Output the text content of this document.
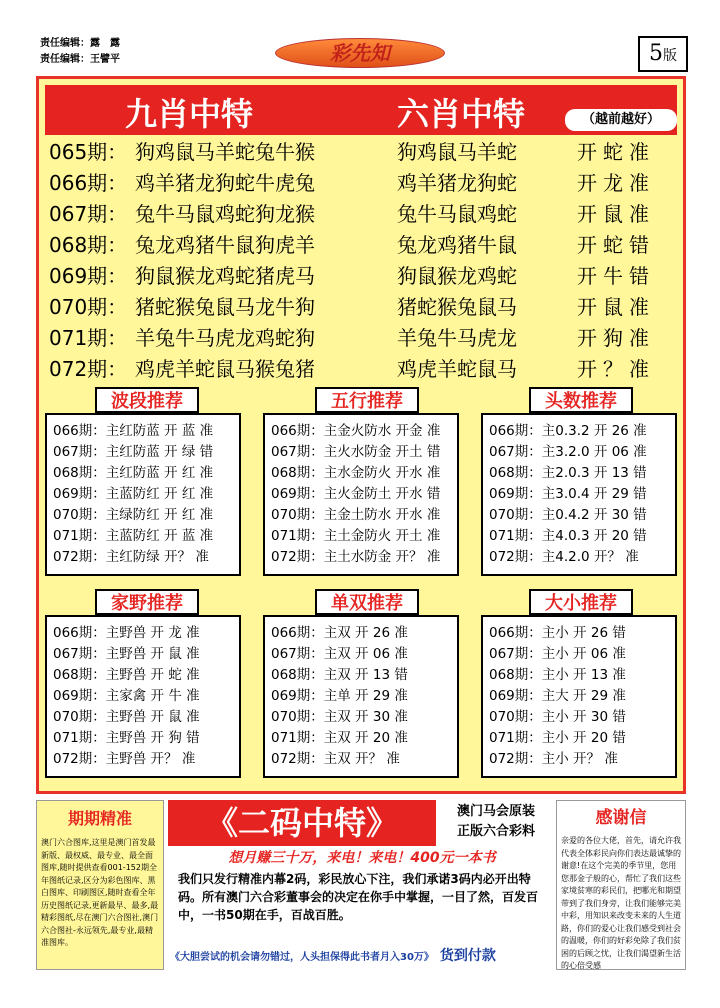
责任编辑：露　露
责任编辑：王譬平	彩先知	5版
九肖中特	六肖中特	（越前越好）
065期： 狗鸡鼠马羊蛇兔牛猴	狗鸡鼠马羊蛇	开蛇准
066期： 鸡羊猪龙狗蛇牛虎兔	鸡羊猪龙狗蛇	开龙准
067期： 兔牛马鼠鸡蛇狗龙猴	兔牛马鼠鸡蛇	开鼠准
068期： 兔龙鸡猪牛鼠狗虎羊	兔龙鸡猪牛鼠	开蛇错
069期： 狗鼠猴龙鸡蛇猪虎马	狗鼠猴龙鸡蛇	开牛错
070期： 猪蛇猴兔鼠马龙牛狗	猪蛇猴兔鼠马	开鼠准
071期： 羊兔牛马虎龙鸡蛇狗	羊兔牛马虎龙	开狗准
072期： 鸡虎羊蛇鼠马猴兔猪	鸡虎羊蛇鼠马	开？准
波段推荐	五行推荐	头数推荐
066期：主红防蓝 开 蓝 准
067期：主红防蓝 开 绿 错
068期：主红防蓝 开 红 准
069期：主蓝防红 开 红 准
070期：主绿防红 开 红 准
071期：主蓝防红 开 蓝 准
072期：主红防绿 开？ 准
066期：主金火防水 开金 准
067期：主火水防金 开土 错
068期：主水金防火 开水 准
069期：主火金防土 开水 错
070期：主金土防水 开水 准
071期：主土金防火 开土 准
072期：主土水防金 开？ 准
066期：主0.3.2 开 26 准
067期：主3.2.0 开 06 准
068期：主2.0.3 开 13 错
069期：主3.0.4 开 29 错
070期：主0.4.2 开 30 错
071期：主4.0.3 开 20 错
072期：主4.2.0 开？ 准
家野推荐	单双推荐	大小推荐
066期：主野兽 开 龙 准
067期：主野兽 开 鼠 准
068期：主野兽 开 蛇 准
069期：主家禽 开 牛 准
070期：主野兽 开 鼠 准
071期：主野兽 开 狗 错
072期：主野兽 开？ 准
066期：主双 开 26 准
067期：主双 开 06 准
068期：主双 开 13 错
069期：主单 开 29 准
070期：主双 开 30 准
071期：主双 开 20 准
072期：主双 开？ 准
066期：主小 开 26 错
067期：主小 开 06 准
068期：主小 开 13 准
069期：主大 开 29 准
070期：主小 开 30 错
071期：主小 开 20 错
072期：主小 开？ 准
期期精准
澳门六合图库,这里是澳门首发最新版、最权威、最专业、最全面图库,随时提供查看001-152期全年图纸记录,区分为彩色图库、黑白图库、印刷图区,随时查看全年历史图纸记录,更新最早、最多,最精彩图纸,尽在澳门六合图社,澳门六合图社-永远领先,最专业,最精准图库。
《二码中特》	澳门马会原装
正版六合彩料
想月赚三十万，来电！来电！400元一本书
我们只发行精准内幕2码，彩民放心下注，我们承诺3码内必开出特码。所有澳门六合彩董事会的决定在你手中掌握，一目了然，百发百中，一书50期在手，百战百胜。
《大胆尝试的机会请勿错过，人头担保得此书者月入30万》 货到付款
感谢信
亲爱的各位大佬，首先，请允许我代表全体彩民向你们表达最诚挚的谢意!在这个完美的季节里，您用您那金子般的心，帮忙了我们这些家境贫寒的彩民们，把哪光和期望带到了我们身旁，让我们能够完美中彩，用知识来改变未来的人生道路，你们的爱心让我们感受到社会的温暖，你们的好彩免除了我们贫困的后顾之忧，让我们渴望新生活的心倍受感
